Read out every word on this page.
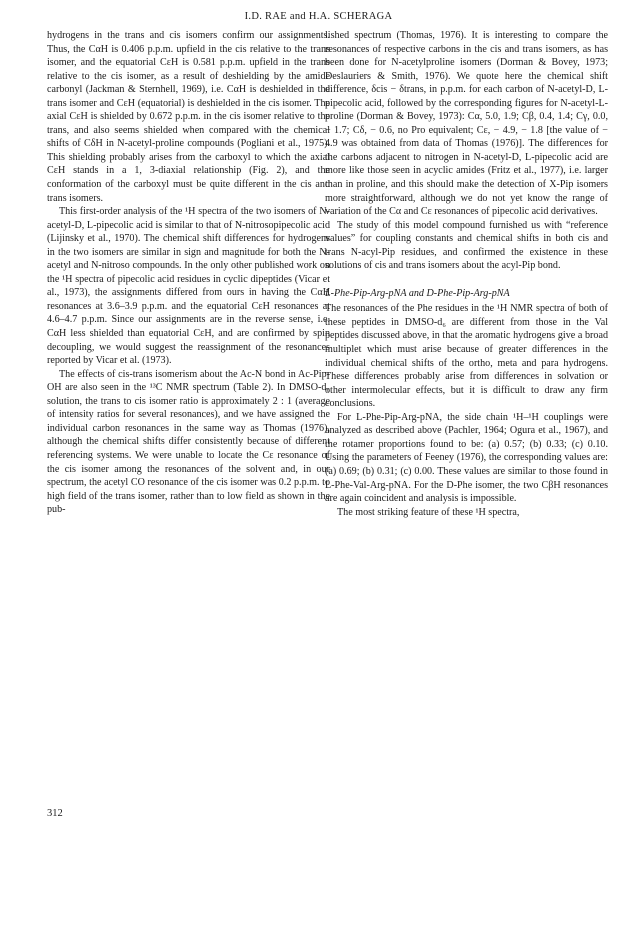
I.D. RAE and H.A. SCHERAGA

hydrogens in the trans and cis isomers confirm our assignments. Thus, the CαH is 0.406 p.p.m. upfield in the cis relative to the trans isomer, and the equatorial CεH is 0.581 p.p.m. upfield in the trans relative to the cis isomer, as a result of deshielding by the amide carbonyl (Jackman & Sternhell, 1969), i.e. CαH is deshielded in the trans isomer and CεH (equatorial) is deshielded in the cis isomer. The axial CεH is shielded by 0.672 p.p.m. in the cis isomer relative to the trans, and also seems shielded when compared with the chemical shifts of CδH in N-acetyl-proline compounds (Pogliani et al., 1975). This shielding probably arises from the carboxyl to which the axial CεH stands in a 1, 3-diaxial relationship (Fig. 2), and the conformation of the carboxyl must be quite different in the cis and trans isomers.

This first-order analysis of the ¹H spectra of the two isomers of N-acetyl-D, L-pipecolic acid is similar to that of N-nitrosopipecolic acid (Lijinsky et al., 1970). The chemical shift differences for hydrogens in the two isomers are similar in sign and magnitude for both the N-acetyl and N-nitroso compounds. In the only other published work on the ¹H spectra of pipecolic acid residues in cyclic dipeptides (Vicar et al., 1973), the assignments differed from ours in having the CαH resonances at 3.6–3.9 p.p.m. and the equatorial CεH resonances at 4.6–4.7 p.p.m. Since our assignments are in the reverse sense, i.e. CαH less shielded than equatorial CεH, and are confirmed by spin decoupling, we would suggest the reassignment of the resonances reported by Vicar et al. (1973).

The effects of cis-trans isomerism about the Ac-N bond in Ac-Pip-OH are also seen in the ¹³C NMR spectrum (Table 2). In DMSO-d₆ solution, the trans to cis isomer ratio is approximately 2 : 1 (average of intensity ratios for several resonances), and we have assigned the individual carbon resonances in the same way as Thomas (1976), although the chemical shifts differ consistently because of different referencing systems. We were unable to locate the Cε resonance of the cis isomer among the resonances of the solvent and, in our spectrum, the acetyl CO resonance of the cis isomer was 0.2 p.p.m. to high field of the trans isomer, rather than to low field as shown in the pub-

lished spectrum (Thomas, 1976). It is interesting to compare the resonances of respective carbons in the cis and trans isomers, as has been done for N-acetylproline isomers (Dorman & Bovey, 1973; Deslauriers & Smith, 1976). We quote here the chemical shift difference, δcis − δtrans, in p.p.m. for each carbon of N-acetyl-D, L-pipecolic acid, followed by the corresponding figures for N-acetyl-L-proline (Dorman & Bovey, 1973): Cα, 5.0, 1.9; Cβ, 0.4, 1.4; Cγ, 0.0, − 1.7; Cδ, − 0.6, no Pro equivalent; Cε, − 4.9, − 1.8 [the value of − 4.9 was obtained from data of Thomas (1976)]. The differences for the carbons adjacent to nitrogen in N-acetyl-D, L-pipecolic acid are more like those seen in acyclic amides (Fritz et al., 1977), i.e. larger than in proline, and this should make the detection of X-Pip isomers more straightforward, although we do not yet know the range of variation of the Cα and Cε resonances of pipecolic acid derivatives.

The study of this model compound furnished us with “reference values” for coupling constants and chemical shifts in both cis and trans N-acyl-Pip residues, and confirmed the existence in these solutions of cis and trans isomers about the acyl-Pip bond.

L-Phe-Pip-Arg-pNA and D-Phe-Pip-Arg-pNA

The resonances of the Phe residues in the ¹H NMR spectra of both of these peptides in DMSO-d₆ are different from those in the Val peptides discussed above, in that the aromatic hydrogens give a broad multiplet which must arise because of greater differences in the individual chemical shifts of the ortho, meta and para hydrogens. These differences probably arise from differences in solvation or other intermolecular effects, but it is difficult to draw any firm conclusions.

For L-Phe-Pip-Arg-pNA, the side chain ¹H–¹H couplings were analyzed as described above (Pachler, 1964; Ogura et al., 1967), and the rotamer proportions found to be: (a) 0.57; (b) 0.33; (c) 0.10. Using the parameters of Feeney (1976), the corresponding values are: (a) 0.69; (b) 0.31; (c) 0.00. These values are similar to those found in L-Phe-Val-Arg-pNA. For the D-Phe isomer, the two CβH resonances are again coincident and analysis is impossible.

The most striking feature of these ¹H spectra,

312
